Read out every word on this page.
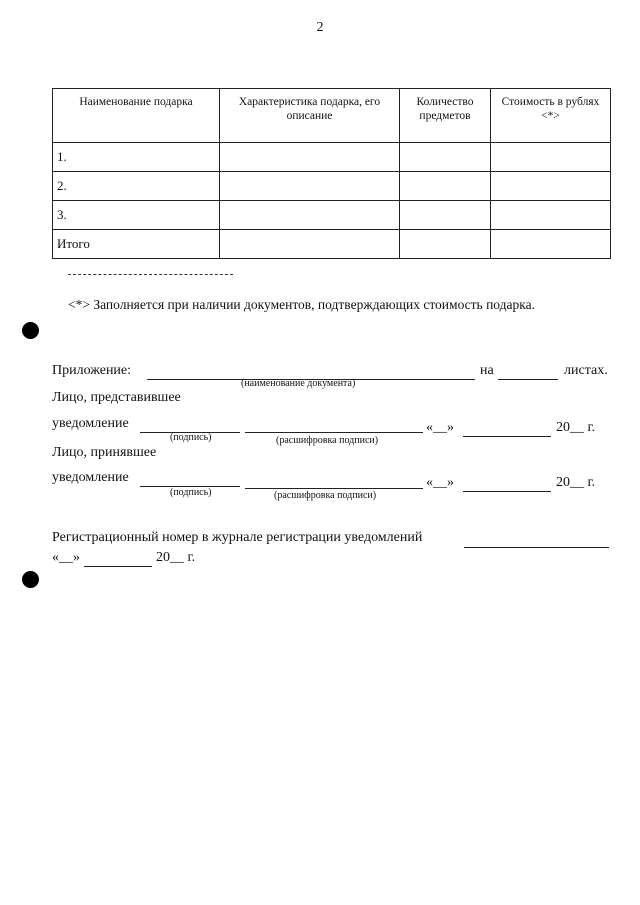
2
Наименование подарка	Характеристика подарка, его описание	Количество предметов	Стоимость в рублях <*>
1.			
2.			
3.			
Итого			
<*> Заполняется при наличии документов, подтверждающих стоимость подарка.
Приложение:
(наименование документа)
на	листах.
Лицо, представившее
уведомление
(подпись)	(расшифровка подписи)
«__»	20__ г.
Лицо, принявшее
уведомление
(подпись)	(расшифровка подписи)
«__»	20__ г.
Регистрационный номер в журнале регистрации уведомлений
«__»	20__ г.
